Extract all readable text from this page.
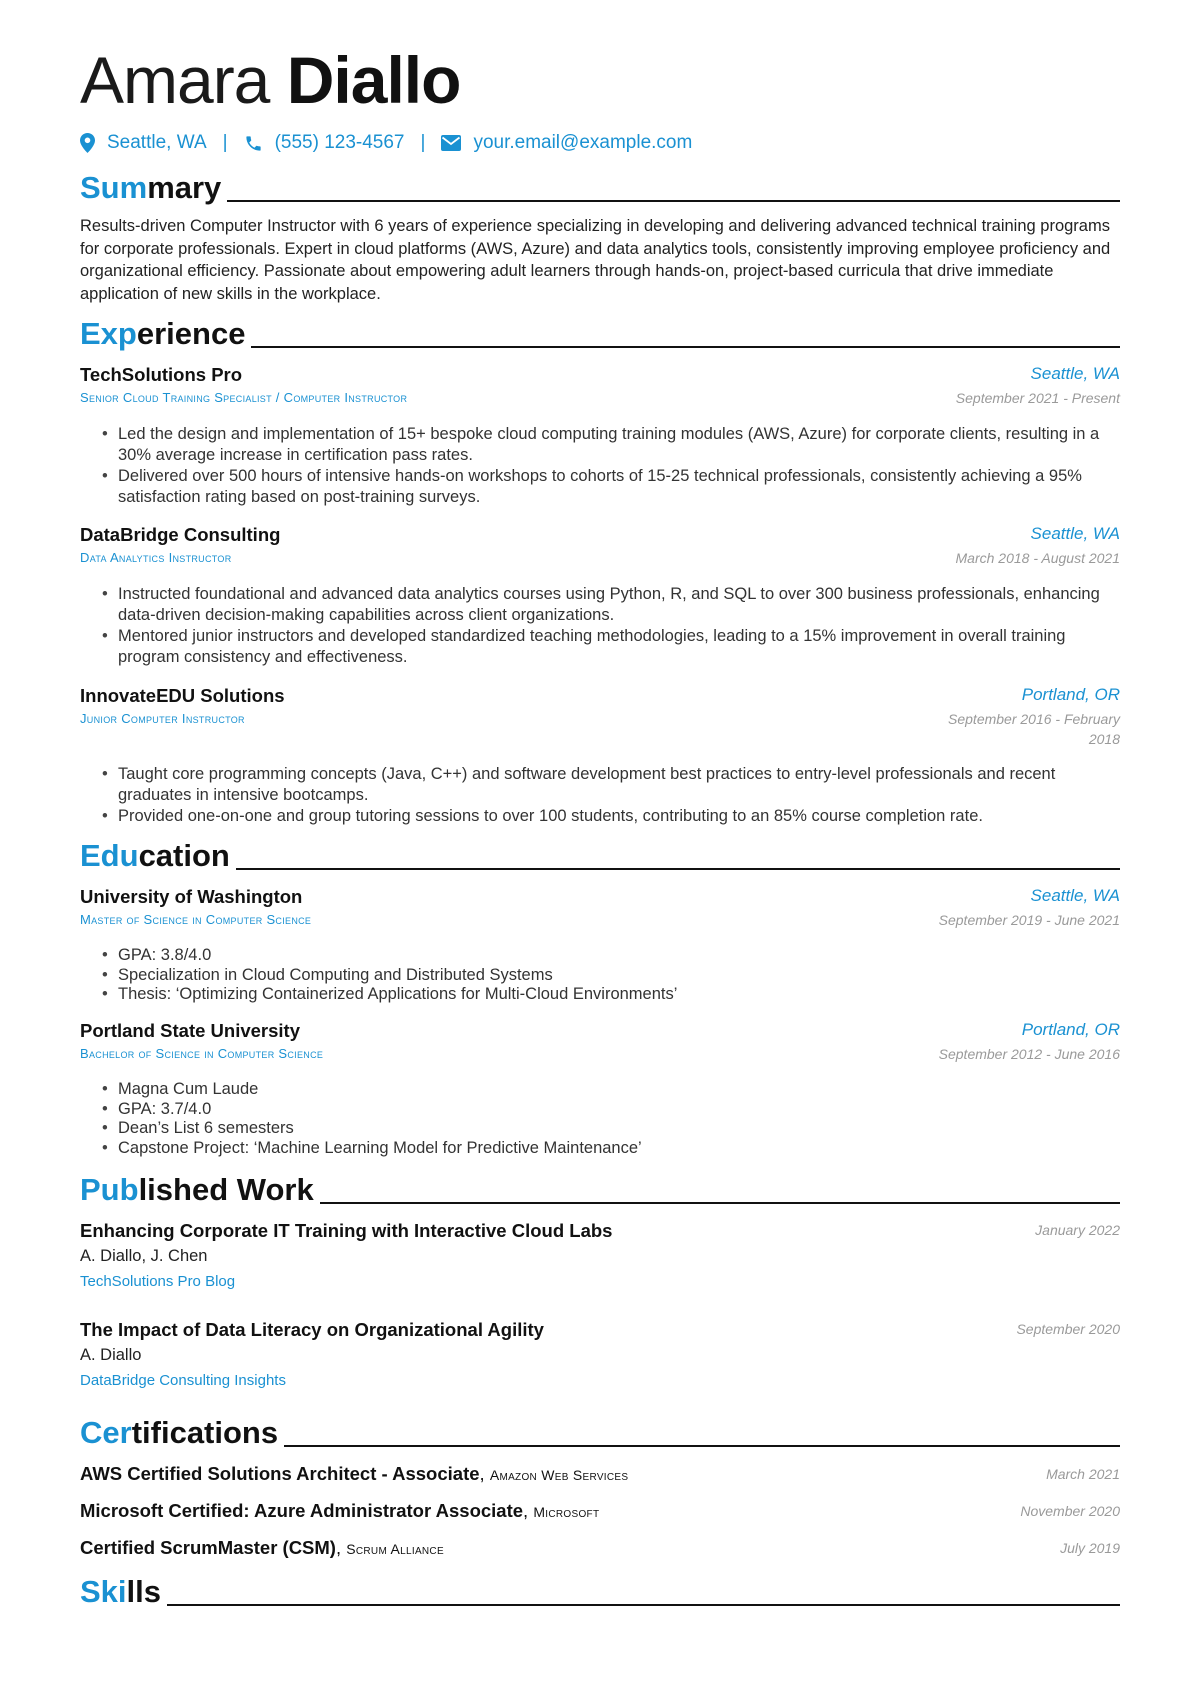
Amara Diallo
Seattle, WA | (555) 123-4567 |	your.email@example.com
Summary
Results-driven Computer Instructor with 6 years of experience specializing in developing and delivering advanced technical training programs for corporate professionals. Expert in cloud platforms (AWS, Azure) and data analytics tools, consistently improving employee proficiency and organizational efficiency. Passionate about empowering adult learners through hands-on, project-based curricula that drive immediate application of new skills in the workplace.
Experience
TechSolutions Pro	Seattle, WA
Senior Cloud Training Specialist / Computer Instructor	September 2021 - Present
• Led the design and implementation of 15+ bespoke cloud computing training modules (AWS, Azure) for corporate clients, resulting in a 30% average increase in certification pass rates.
• Delivered over 500 hours of intensive hands-on workshops to cohorts of 15-25 technical professionals, consistently achieving a 95% satisfaction rating based on post-training surveys.
DataBridge Consulting	Seattle, WA
Data Analytics Instructor	March 2018 - August 2021
• Instructed foundational and advanced data analytics courses using Python, R, and SQL to over 300 business professionals, enhancing data-driven decision-making capabilities across client organizations.
• Mentored junior instructors and developed standardized teaching methodologies, leading to a 15% improvement in overall training program consistency and effectiveness.
InnovateEDU Solutions	Portland, OR
Junior Computer Instructor	September 2016 - February 2018
• Taught core programming concepts (Java, C++) and software development best practices to entry-level professionals and recent graduates in intensive bootcamps.
• Provided one-on-one and group tutoring sessions to over 100 students, contributing to an 85% course completion rate.
Education
University of Washington	Seattle, WA
Master of Science in Computer Science	September 2019 - June 2021
• GPA: 3.8/4.0
• Specialization in Cloud Computing and Distributed Systems
• Thesis: ‘Optimizing Containerized Applications for Multi-Cloud Environments’
Portland State University	Portland, OR
Bachelor of Science in Computer Science	September 2012 - June 2016
• Magna Cum Laude
• GPA: 3.7/4.0
• Dean’s List 6 semesters
• Capstone Project: ‘Machine Learning Model for Predictive Maintenance’
Published Work
Enhancing Corporate IT Training with Interactive Cloud Labs	January 2022
A. Diallo, J. Chen
TechSolutions Pro Blog
The Impact of Data Literacy on Organizational Agility	September 2020
A. Diallo
DataBridge Consulting Insights
Certifications
AWS Certified Solutions Architect - Associate, Amazon Web Services	March 2021
Microsoft Certified: Azure Administrator Associate, Microsoft	November 2020
Certified ScrumMaster (CSM), Scrum Alliance	July 2019
Skills
